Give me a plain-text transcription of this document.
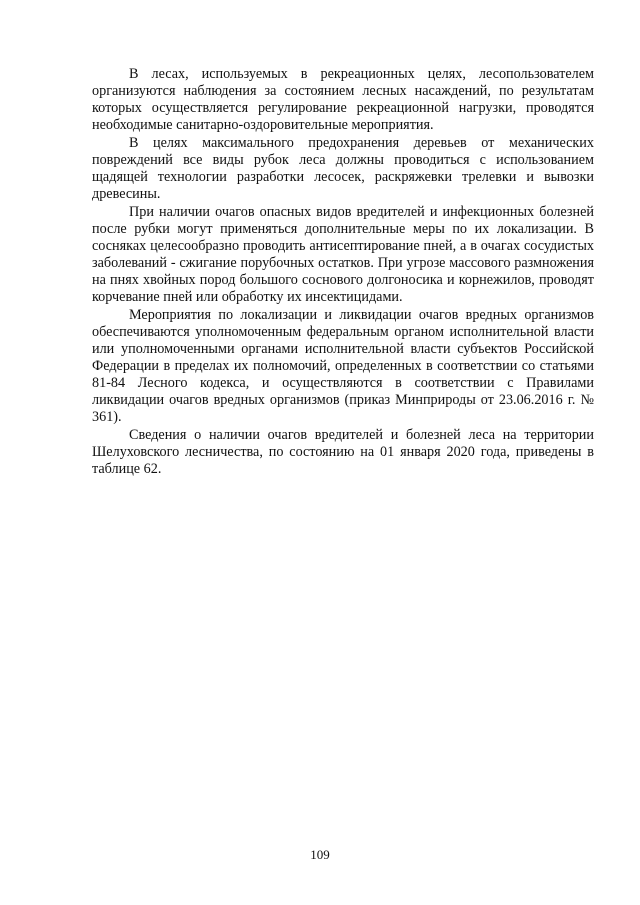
В лесах, используемых в рекреационных целях, лесопользователем организуются наблюдения за состоянием лесных насаждений, по результатам которых осуществляется регулирование рекреационной нагрузки, проводятся необходимые санитарно-оздоровительные мероприятия.

В целях максимального предохранения деревьев от механических повреждений все виды рубок леса должны проводиться с использованием щадящей технологии разработки лесосек, раскряжевки трелевки и вывозки древесины.

При наличии очагов опасных видов вредителей и инфекционных болезней после рубки могут применяться дополнительные меры по их локализации. В сосняках целесообразно проводить антисептирование пней, а в очагах сосудистых заболеваний - сжигание порубочных остатков. При угрозе массового размножения на пнях хвойных пород большого соснового долгоносика и корнежилов, проводят корчевание пней или обработку их инсектицидами.

Мероприятия по локализации и ликвидации очагов вредных организмов обеспечиваются уполномоченным федеральным органом исполнительной власти или уполномоченными органами исполнительной власти субъектов Российской Федерации в пределах их полномочий, определенных в соответствии со статьями 81-84 Лесного кодекса, и осуществляются в соответствии с Правилами ликвидации очагов вредных организмов (приказ Минприроды от 23.06.2016 г. № 361).

Сведения о наличии очагов вредителей и болезней леса на территории Шелуховского лесничества, по состоянию на 01 января 2020 года, приведены в таблице 62.

109
